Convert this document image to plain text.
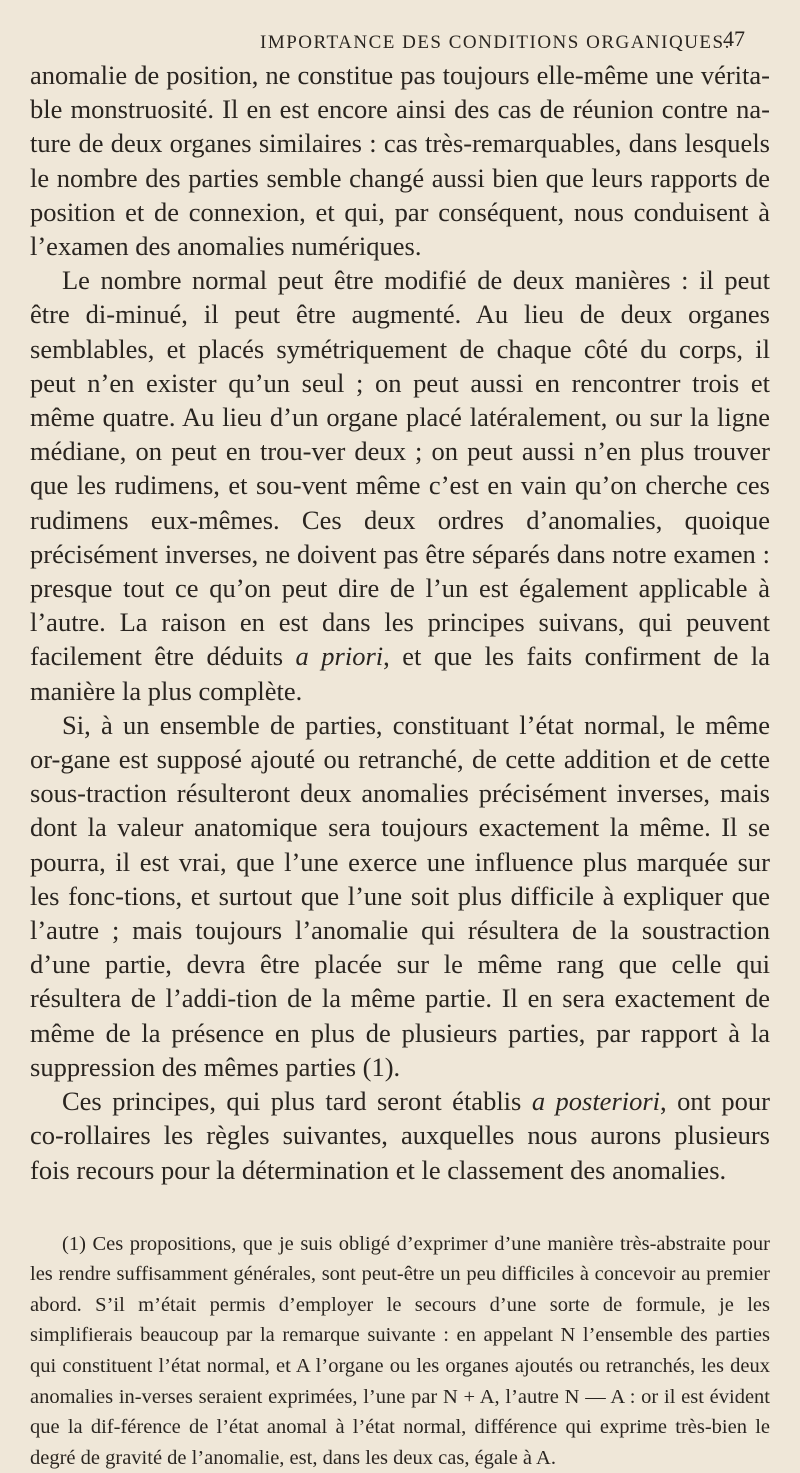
IMPORTANCE DES CONDITIONS ORGANIQUES.
47

anomalie de position, ne constitue pas toujours elle-même une vérita-ble monstruosité. Il en est encore ainsi des cas de réunion contre na-ture de deux organes similaires : cas très-remarquables, dans lesquels le nombre des parties semble changé aussi bien que leurs rapports de position et de connexion, et qui, par conséquent, nous conduisent à l’examen des anomalies numériques.

Le nombre normal peut être modifié de deux manières : il peut être di-minué, il peut être augmenté. Au lieu de deux organes semblables, et placés symétriquement de chaque côté du corps, il peut n’en exister qu’un seul ; on peut aussi en rencontrer trois et même quatre. Au lieu d’un organe placé latéralement, ou sur la ligne médiane, on peut en trou-ver deux ; on peut aussi n’en plus trouver que les rudimens, et sou-vent même c’est en vain qu’on cherche ces rudimens eux-mêmes. Ces deux ordres d’anomalies, quoique précisément inverses, ne doivent pas être séparés dans notre examen : presque tout ce qu’on peut dire de l’un est également applicable à l’autre. La raison en est dans les principes suivans, qui peuvent facilement être déduits a priori, et que les faits confirment de la manière la plus complète.

Si, à un ensemble de parties, constituant l’état normal, le même or-gane est supposé ajouté ou retranché, de cette addition et de cette sous-traction résulteront deux anomalies précisément inverses, mais dont la valeur anatomique sera toujours exactement la même. Il se pourra, il est vrai, que l’une exerce une influence plus marquée sur les fonc-tions, et surtout que l’une soit plus difficile à expliquer que l’autre ; mais toujours l’anomalie qui résultera de la soustraction d’une partie, devra être placée sur le même rang que celle qui résultera de l’addi-tion de la même partie. Il en sera exactement de même de la présence en plus de plusieurs parties, par rapport à la suppression des mêmes parties (1).

Ces principes, qui plus tard seront établis a posteriori, ont pour co-rollaires les règles suivantes, auxquelles nous aurons plusieurs fois recours pour la détermination et le classement des anomalies.

(1) Ces propositions, que je suis obligé d’exprimer d’une manière très-abstraite pour les rendre suffisamment générales, sont peut-être un peu difficiles à concevoir au premier abord. S’il m’était permis d’employer le secours d’une sorte de formule, je les simplifierais beaucoup par la remarque suivante : en appelant N l’ensemble des parties qui constituent l’état normal, et A l’organe ou les organes ajoutés ou retranchés, les deux anomalies in-verses seraient exprimées, l’une par N + A, l’autre N — A : or il est évident que la dif-férence de l’état anomal à l’état normal, différence qui exprime très-bien le degré de gravité de l’anomalie, est, dans les deux cas, égale à A.
